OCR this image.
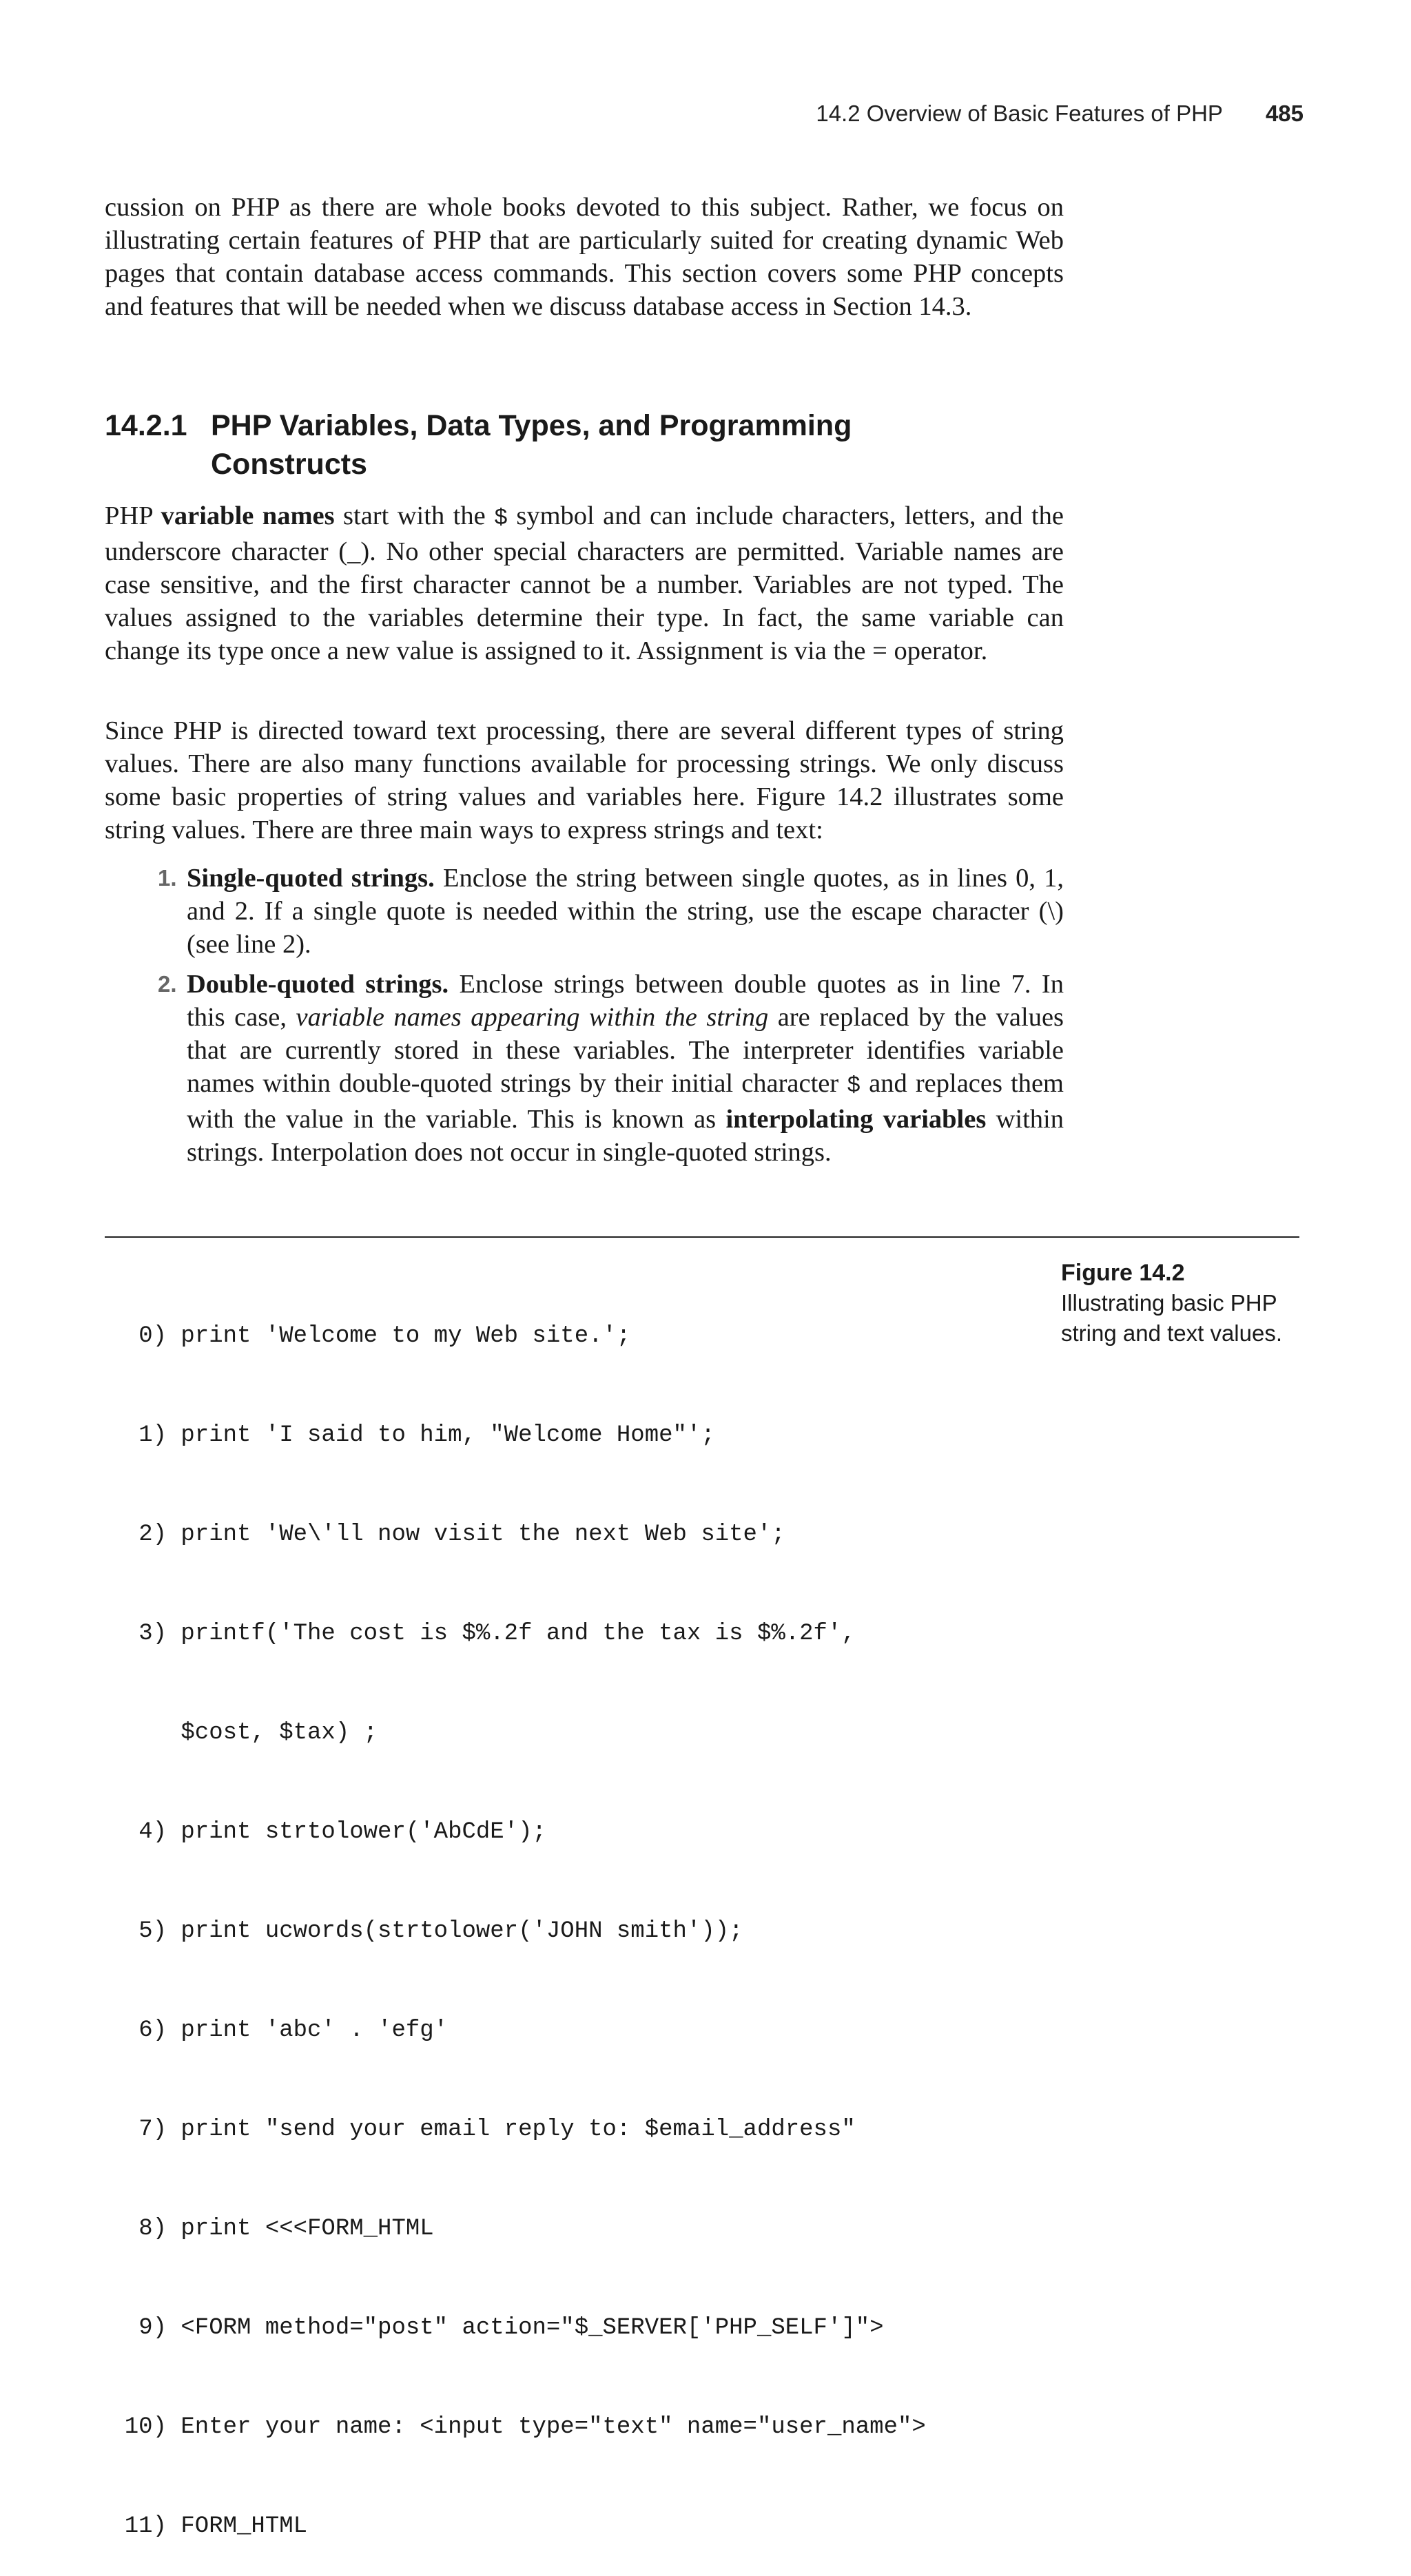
14.2 Overview of Basic Features of PHP 485

cussion on PHP as there are whole books devoted to this subject. Rather, we focus on illustrating certain features of PHP that are particularly suited for creating dynamic Web pages that contain database access commands. This section covers some PHP concepts and features that will be needed when we discuss database access in Section 14.3.

14.2.1 PHP Variables, Data Types, and Programming Constructs

PHP variable names start with the $ symbol and can include characters, letters, and the underscore character (_). No other special characters are permitted. Variable names are case sensitive, and the first character cannot be a number. Variables are not typed. The values assigned to the variables determine their type. In fact, the same variable can change its type once a new value is assigned to it. Assignment is via the = operator.

Since PHP is directed toward text processing, there are several different types of string values. There are also many functions available for processing strings. We only discuss some basic properties of string values and variables here. Figure 14.2 illustrates some string values. There are three main ways to express strings and text:

1. Single-quoted strings. Enclose the string between single quotes, as in lines 0, 1, and 2. If a single quote is needed within the string, use the escape character (\) (see line 2).
2. Double-quoted strings. Enclose strings between double quotes as in line 7. In this case, variable names appearing within the string are replaced by the values that are currently stored in these variables. The interpreter identifies variable names within double-quoted strings by their initial character $ and replaces them with the value in the variable. This is known as interpolating variables within strings. Interpolation does not occur in single-quoted strings.

0) print 'Welcome to my Web site.';

1) print 'I said to him, "Welcome Home"';

2) print 'We\'ll now visit the next Web site';

3) printf('The cost is $%.2f and the tax is $%.2f',

$cost, $tax) ;

4) print strtolower('AbCdE');

5) print ucwords(strtolower('JOHN smith'));

6) print 'abc' . 'efg'

7) print "send your email reply to: $email_address"

8) print <<<FORM_HTML

9) <FORM method="post" action="$_SERVER['PHP_SELF']">

10) Enter your name: <input type="text" name="user_name">

11) FORM_HTML

Figure 14.2
Illustrating basic PHP string and text values.
